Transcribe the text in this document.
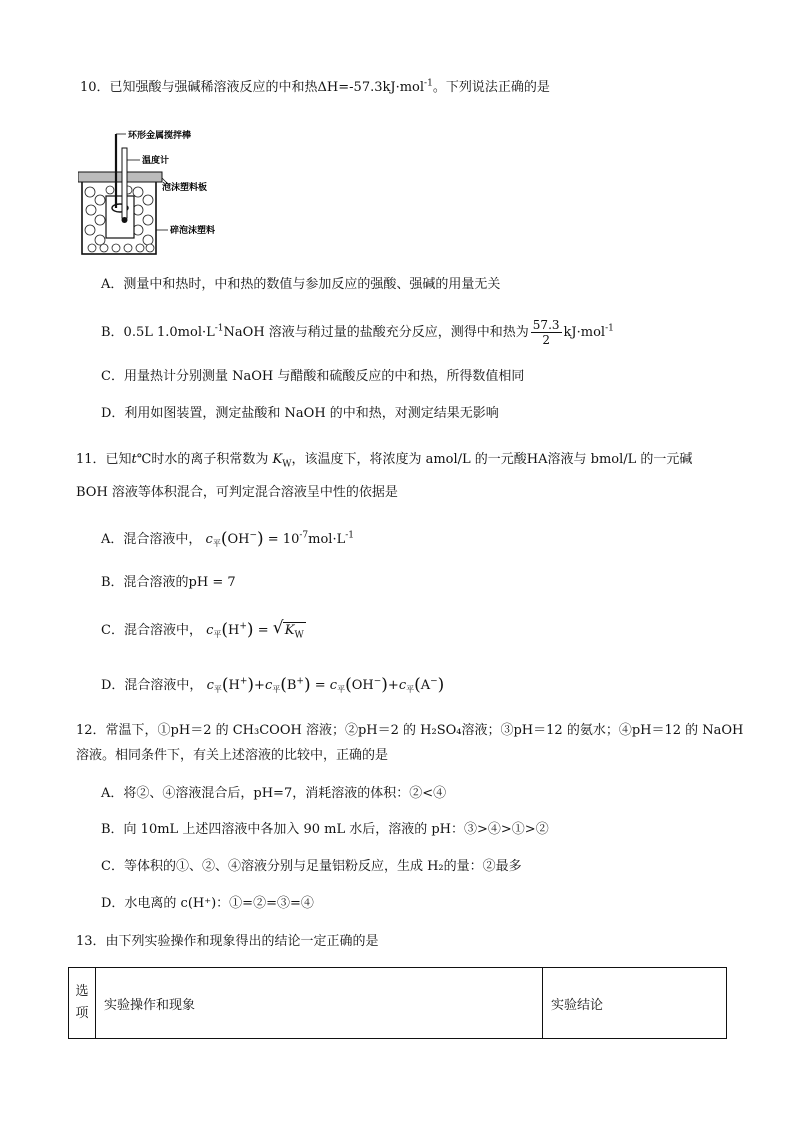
10．已知强酸与强碱稀溶液反应的中和热ΔH=-57.3kJ·mol$^{-1}$。下列说法正确的是
环形金属搅拌棒
温度计
泡沫塑料板
碎泡沫塑料
A．测量中和热时，中和热的数值与参加反应的强酸、强碱的用量无关
B．0.5L $1.0mol\cdot L^{-1}NaOH$ 溶液与稍过量的盐酸充分反应，测得中和热为 $\frac{57.3}{2} kJ\cdot mol^{-1}$
C．用量热计分别测量 NaOH 与醋酸和硫酸反应的中和热，所得数值相同
D．利用如图装置，测定盐酸和 NaOH 的中和热，对测定结果无影响
11．已知t℃时水的离子积常数为 $K_W$，该温度下，将浓度为 amol/L 的一元酸HA溶液与 bmol/L 的一元碱
BOH 溶液等体积混合，可判定混合溶液呈中性的依据是
A．混合溶液中， $c_平(OH^-) = 10^{-7}mol\cdot L^{-1}$
B．混合溶液的pH = 7
C．混合溶液中， $c_平(H^+)$ = √ $K_W$
D．混合溶液中， $c_平(H^+)+c_平(B^+) = c_平(OH^-)+c_平(A^-)$
12．常温下，①pH＝2 的 CH₃COOH 溶液；②pH＝2 的 H₂SO₄溶液；③pH＝12 的氨水；④pH＝12 的 NaOH
溶液。相同条件下，有关上述溶液的比较中，正确的是
A．将②、④溶液混合后，pH=7，消耗溶液的体积：②<④
B．向 10mL 上述四溶液中各加入 90 mL 水后，溶液的 pH：③>④>①>②
C．等体积的①、②、④溶液分别与足量铝粉反应，生成 H₂的量：②最多
D．水电离的 c(H⁺)：①=②=③=④
13．由下列实验操作和现象得出的结论一定正确的是
选项	实验操作和现象	实验结论
